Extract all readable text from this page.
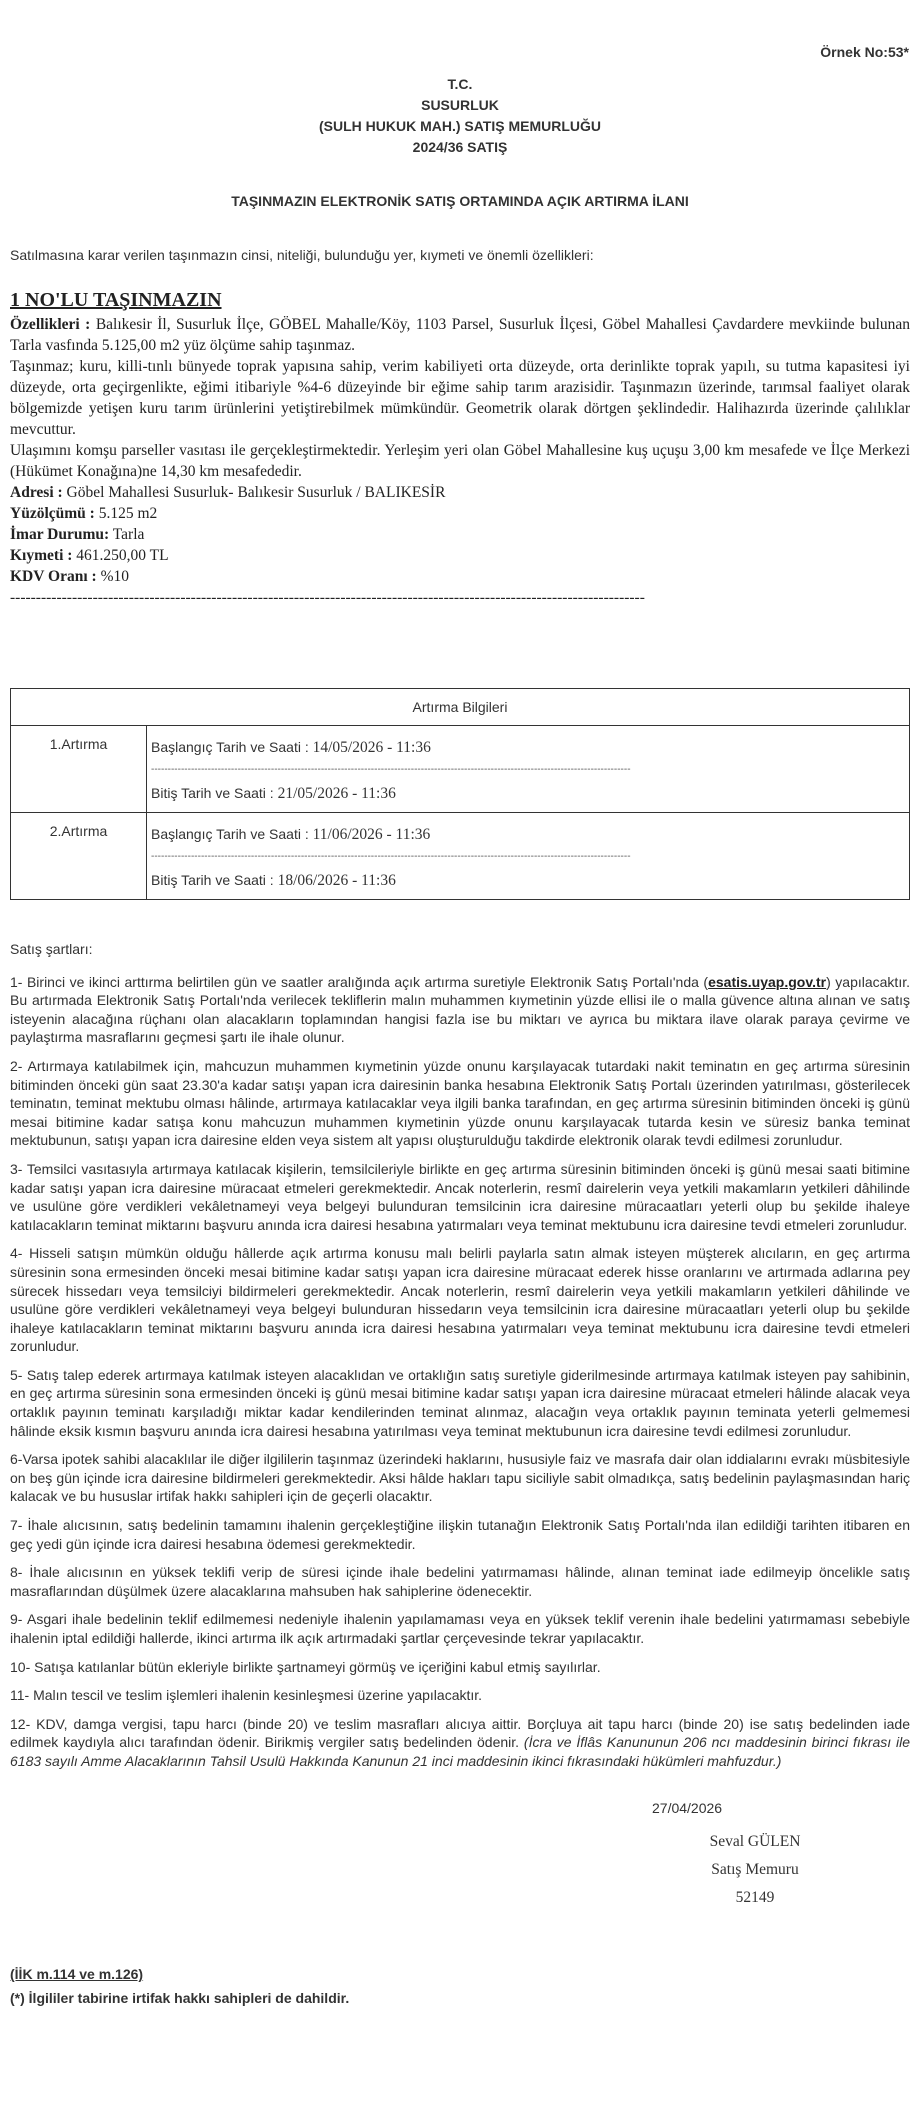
Örnek No:53*
T.C.
SUSURLUK
(SULH HUKUK MAH.) SATIŞ MEMURLUĞU
2024/36 SATIŞ
TAŞINMAZIN ELEKTRONİK SATIŞ ORTAMINDA AÇIK ARTIRMA İLANI
Satılmasına karar verilen taşınmazın cinsi, niteliği, bulunduğu yer, kıymeti ve önemli özellikleri:
1 NO'LU TAŞINMAZIN

Özellikleri : Balıkesir İl, Susurluk İlçe, GÖBEL Mahalle/Köy, 1103 Parsel, Susurluk İlçesi, Göbel Mahallesi Çavdardere mevkiinde bulunan Tarla vasfında 5.125,00 m2 yüz ölçüme sahip taşınmaz.

Taşınmaz; kuru, killi-tınlı bünyede toprak yapısına sahip, verim kabiliyeti orta düzeyde, orta derinlikte toprak yapılı, su tutma kapasitesi iyi düzeyde, orta geçirgenlikte, eğimi itibariyle %4-6 düzeyinde bir eğime sahip tarım arazisidir. Taşınmazın üzerinde, tarımsal faaliyet olarak bölgemizde yetişen kuru tarım ürünlerini yetiştirebilmek mümkündür. Geometrik olarak dörtgen şeklindedir. Halihazırda üzerinde çalılıklar mevcuttur.

Ulaşımını komşu parseller vasıtası ile gerçekleştirmektedir. Yerleşim yeri olan Göbel Mahallesine kuş uçuşu 3,00 km mesafede ve İlçe Merkezi (Hükümet Konağına)ne 14,30 km mesafededir.

Adresi : Göbel Mahallesi Susurluk- Balıkesir Susurluk / BALIKESİR

Yüzölçümü : 5.125 m2

İmar Durumu: Tarla

Kıymeti : 461.250,00 TL

KDV Oranı : %10

---------------------------------------------------------------------------------------------------------------------------
Artırma Bilgileri	
1.Artırma	Başlangıç Tarih ve Saati : 14/05/2026 - 11:36
------------------------------------------------------------------------------------------------------------------------------------------------
Bitiş Tarih ve Saati : 21/05/2026 - 11:36

2.Artırma	Başlangıç Tarih ve Saati : 11/06/2026 - 11:36
------------------------------------------------------------------------------------------------------------------------------------------------
Bitiş Tarih ve Saati : 18/06/2026 - 11:36

Satış şartları:

1- Birinci ve ikinci arttırma belirtilen gün ve saatler aralığında açık artırma suretiyle Elektronik Satış Portalı'nda (esatis.uyap.gov.tr) yapılacaktır. Bu artırmada Elektronik Satış Portalı'nda verilecek tekliflerin malın muhammen kıymetinin yüzde ellisi ile o malla güvence altına alınan ve satış isteyenin alacağına rüçhanı olan alacakların toplamından hangisi fazla ise bu miktarı ve ayrıca bu miktara ilave olarak paraya çevirme ve paylaştırma masraflarını geçmesi şartı ile ihale olunur.

2- Artırmaya katılabilmek için, mahcuzun muhammen kıymetinin yüzde onunu karşılayacak tutardaki nakit teminatın en geç artırma süresinin bitiminden önceki gün saat 23.30'a kadar satışı yapan icra dairesinin banka hesabına Elektronik Satış Portalı üzerinden yatırılması, gösterilecek teminatın, teminat mektubu olması hâlinde, artırmaya katılacaklar veya ilgili banka tarafından, en geç artırma süresinin bitiminden önceki iş günü mesai bitimine kadar satışa konu mahcuzun muhammen kıymetinin yüzde onunu karşılayacak tutarda kesin ve süresiz banka teminat mektubunun, satışı yapan icra dairesine elden veya sistem alt yapısı oluşturulduğu takdirde elektronik olarak tevdi edilmesi zorunludur.

3- Temsilci vasıtasıyla artırmaya katılacak kişilerin, temsilcileriyle birlikte en geç artırma süresinin bitiminden önceki iş günü mesai saati bitimine kadar satışı yapan icra dairesine müracaat etmeleri gerekmektedir. Ancak noterlerin, resmî dairelerin veya yetkili makamların yetkileri dâhilinde ve usulüne göre verdikleri vekâletnameyi veya belgeyi bulunduran temsilcinin icra dairesine müracaatları yeterli olup bu şekilde ihaleye katılacakların teminat miktarını başvuru anında icra dairesi hesabına yatırmaları veya teminat mektubunu icra dairesine tevdi etmeleri zorunludur.

4- Hisseli satışın mümkün olduğu hâllerde açık artırma konusu malı belirli paylarla satın almak isteyen müşterek alıcıların, en geç artırma süresinin sona ermesinden önceki mesai bitimine kadar satışı yapan icra dairesine müracaat ederek hisse oranlarını ve artırmada adlarına pey sürecek hissedarı veya temsilciyi bildirmeleri gerekmektedir. Ancak noterlerin, resmî dairelerin veya yetkili makamların yetkileri dâhilinde ve usulüne göre verdikleri vekâletnameyi veya belgeyi bulunduran hissedarın veya temsilcinin icra dairesine müracaatları yeterli olup bu şekilde ihaleye katılacakların teminat miktarını başvuru anında icra dairesi hesabına yatırmaları veya teminat mektubunu icra dairesine tevdi etmeleri zorunludur.

5- Satış talep ederek artırmaya katılmak isteyen alacaklıdan ve ortaklığın satış suretiyle giderilmesinde artırmaya katılmak isteyen pay sahibinin, en geç artırma süresinin sona ermesinden önceki iş günü mesai bitimine kadar satışı yapan icra dairesine müracaat etmeleri hâlinde alacak veya ortaklık payının teminatı karşıladığı miktar kadar kendilerinden teminat alınmaz, alacağın veya ortaklık payının teminata yeterli gelmemesi hâlinde eksik kısmın başvuru anında icra dairesi hesabına yatırılması veya teminat mektubunun icra dairesine tevdi edilmesi zorunludur.

6-Varsa ipotek sahibi alacaklılar ile diğer ilgililerin taşınmaz üzerindeki haklarını, hususiyle faiz ve masrafa dair olan iddialarını evrakı müsbitesiyle on beş gün içinde icra dairesine bildirmeleri gerekmektedir. Aksi hâlde hakları tapu siciliyle sabit olmadıkça, satış bedelinin paylaşmasından hariç kalacak ve bu hususlar irtifak hakkı sahipleri için de geçerli olacaktır.

7- İhale alıcısının, satış bedelinin tamamını ihalenin gerçekleştiğine ilişkin tutanağın Elektronik Satış Portalı'nda ilan edildiği tarihten itibaren en geç yedi gün içinde icra dairesi hesabına ödemesi gerekmektedir.

8- İhale alıcısının en yüksek teklifi verip de süresi içinde ihale bedelini yatırmaması hâlinde, alınan teminat iade edilmeyip öncelikle satış masraflarından düşülmek üzere alacaklarına mahsuben hak sahiplerine ödenecektir.

9- Asgari ihale bedelinin teklif edilmemesi nedeniyle ihalenin yapılamaması veya en yüksek teklif verenin ihale bedelini yatırmaması sebebiyle ihalenin iptal edildiği hallerde, ikinci artırma ilk açık artırmadaki şartlar çerçevesinde tekrar yapılacaktır.

10- Satışa katılanlar bütün ekleriyle birlikte şartnameyi görmüş ve içeriğini kabul etmiş sayılırlar.

11- Malın tescil ve teslim işlemleri ihalenin kesinleşmesi üzerine yapılacaktır.

12- KDV, damga vergisi, tapu harcı (binde 20) ve teslim masrafları alıcıya aittir. Borçluya ait tapu harcı (binde 20) ise satış bedelinden iade edilmek kaydıyla alıcı tarafından ödenir. Birikmiş vergiler satış bedelinden ödenir. (İcra ve İflâs Kanununun 206 ncı maddesinin birinci fıkrası ile 6183 sayılı Amme Alacaklarının Tahsil Usulü Hakkında Kanunun 21 inci maddesinin ikinci fıkrasındaki hükümleri mahfuzdur.)

27/04/2026
Seval GÜLEN
Satış Memuru
52149
(İİK m.114 ve m.126)
(*) İlgililer tabirine irtifak hakkı sahipleri de dahildir.
